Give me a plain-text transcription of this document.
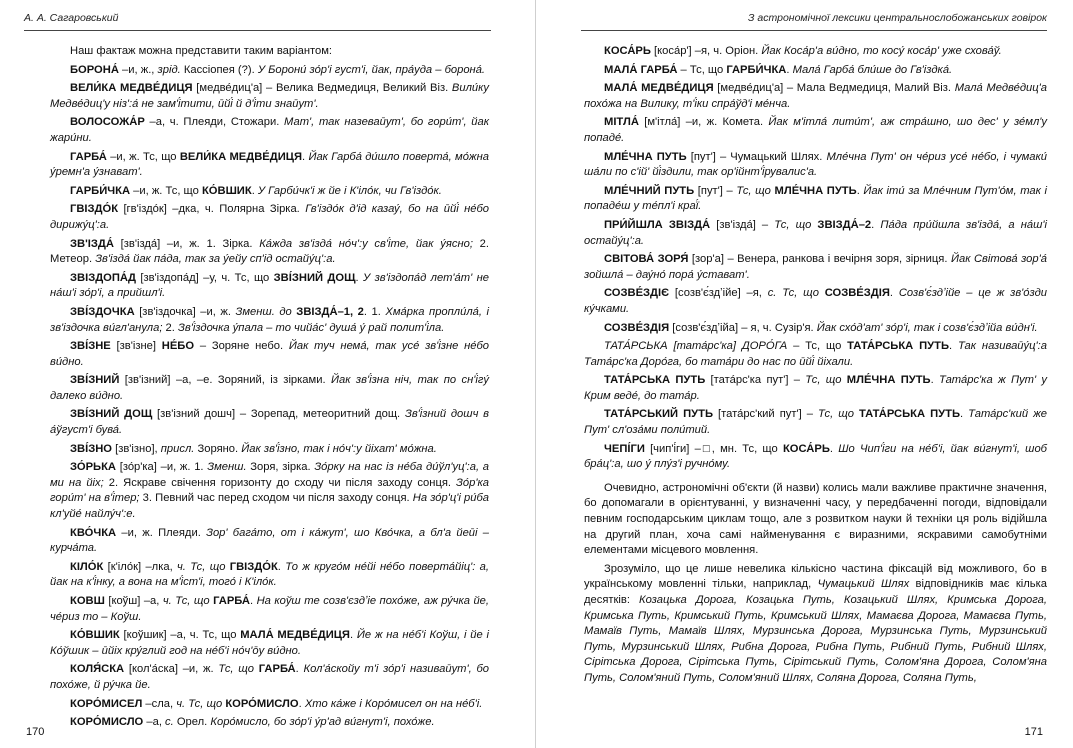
А. А. Сагаровський

Наш фактаж можна представити таким варіантом:

БОРОНА́ –и, ж., зрід. Кассіопея (?). У Борони́ зо́р'і густ'і, йак, пра́уда – борона́.

ВЕЛИ́КА МЕДВЕ́ДИЦЯ [медве́диц'а] – Велика Ведмедиця, Великий Віз. Вили́ку Медве́диц'у ніз':а́ не зам'і́тити, ӣйі́ й д'і́ти знаӣут'.

ВОЛОСОЖА́Р –а, ч. Плеяди, Стожари. Мат', так назеваӣут', бо гори́т', йак жари́ни.

ГАРБА́ –и, ж. Тс, що ВЕЛИ́КА МЕДВЕ́ДИЦЯ. Йак Гарба́ ди́шло поверта́, мо́жна у́ремн'а у́знават'.

ГАРБИ́ЧКА –и, ж. Тс, що КО́ВШИК. У Гарби́чк'і ж йе і К'іло́к, чи Гв'іздо́к.

ГВІЗДО́К [гв'іздо́к] –дка, ч. Полярна Зірка. Гв'іздо́к д'ід казау́, бо на ӣйі́ не́бо дирижу́ц':а.

ЗВ'ІЗДА́ [зв'ізда́] –и, ж. 1. Зірка. Ка́жда зв'ізда́ но́ч':у св'і́те, йак у́ясно; 2. Метеор. Зв'ізда́ йак па́да, так за у́ейу сп'ід остайу́ц':а.

ЗВІЗДОПА́Д [зв'іздопа́д] –у, ч. Тс, що ЗВІ́ЗНИЙ ДОЩ. У зв'іздопа́д лет'а́т' не на́ш'і зо́р'і, а прийшл'і.

ЗВІ́ЗДОЧКА [зв'іздочка] –и, ж. Зменш. до ЗВІЗДА́–1, 2. 1. Хма́рка пропли́ла́, і зв'іздочка ви́гл'анула; 2. Зв'і́здочка у́пала – то чийа́с' душа́ у́ рай полит'і́ла.

ЗВІ́ЗНЕ [зв'ізне] НЕ́БО – Зоряне небо. Йак туч нема́, так усе́ зв'і́зне не́бо ви́дно.

ЗВІ́ЗНИЙ [зв'ізний] –а, –е. Зоряний, із зірками. Йак зв'і́зна ніч, так по сн'і́гу́ далеко ви́дно.

ЗВІ́ЗНИЙ ДОЩ [зв'ізний дошч] – Зорепад, метеоритний дощ. Зв'і́зний дошч в а́ўгуст'і бува́.

ЗВІ́ЗНО [зв'ізно], присл. Зоряно. Йак зв'і́зно, так і но́ч':у йіхат' мо́жна.

ЗО́РЬКА [зо́р'ка] –и, ж. 1. Зменш. Зоря, зірка. Зо́рку на нас із не́ба ди́ўл'уц':а, а ми на йіх; 2. Яскраве свічення горизонту до сходу чи після заходу сонця. Зо́р'ка гори́т' на в'і́тер; 3. Певний час перед сходом чи після заходу сонця. На зо́р'ц'і ри́ба кл'уйе́ найлу́ч':е.

КВО́ЧКА –и, ж. Плеяди. Зор' бага́то, от і ка́жут', шо Кво́чка, а бл'а йеӣі – курча́та.

КІЛО́К [к'іло́к] –лка, ч. Тс, що ГВІЗДО́К. То ж круго́м не́йі не́бо поверта́йіц': а, йак на к'і́нку, а вона на м'і́ст'і, того́ і К'іло́к.

КОВШ [коўш] –а, ч. Тс, що ГАРБА́. На коўш те созв'єздʼіе похо́же, аж ру́чка йе, че́риз то – Коўш.

КО́ВШИК [коўшик] –а, ч. Тс, що МАЛА́ МЕДВЕ́ДИЦЯ. Йе ж на не́б'і Коўш, і йе і Ко́ўшик – ӣйіх кру́глий год на не́б'і но́ч'ōу ви́дно.

КОЛЯ́СКА [кол'а́ска] –и, ж. Тс, що ГАРБА́. Кол'а́скойу т'і зо́р'і називаӣут', бо похо́же, й ру́чка йе.

КОРО́МИСЕЛ –сла, ч. Тс, що КОРО́МИСЛО. Хто ка́же і Коро́мисел он на не́б'і.

КОРО́МИСЛО –а, с. Орел. Коро́мисло, бо зо́р'і у́р'ад ви́гнут'і, похо́же.

170
З астрономічної лексики центральнослобожанських говірок

КОСА́РЬ [коса́р'] –я, ч. Оріон. Йак Коса́р'а ви́дно, то косу́ коса́р' уже схова́ў.

МАЛА́ ГАРБА́ – Тс, що ГАРБИ́ЧКА. Мала́ Гарба́ бли́ше до Гв'іздка́.

МАЛА́ МЕДВЕ́ДИЦЯ [медве́диц'а] – Мала Ведмедиця, Малий Віз. Мала́ Медве́диц'а похо́жа на Вилику, т'і́ки спра́ўд'і ме́нча.

МІТЛА́ [м'ітла́] –и, ж. Комета. Йак м'ітла́ лити́т', аж стра́шно, шо дес' у зе́мл'у попаде́.

МЛЕ́ЧНА ПУТЬ [пут'] – Чумацький Шлях. Мле́чна Пут' он че́риз усе́ не́бо, і чумаки́ ша́ли по с'ій' йі́здили, так ор'ійнт'і́рувалис'а.

МЛЕ́ЧНИЙ ПУТЬ [пут'] – Тс, що МЛЕ́ЧНА ПУТЬ. Йак іти́ за Мле́чним Пут'о́м, так і попаде́ш у те́пл'і краї́.

ПРИ́ЙШЛА ЗВІЗДА́ [зв'ізда́] – Тс, що ЗВІЗДА́–2. Па́да при́йшла зв'ізда́, а на́ш'і остайу́ц':а.

СВІТОВА́ ЗОРЯ́ [зор'а] – Венера, ранкова і вечірня зоря, зірниця. Йак Світова́ зор'а́ зойшла́ – дау́но́ пора́ у́стават'.

СОЗВЕ́ЗДІЄ [созв'є́здʼійе] –я, с. Тс, що СОЗВЕ́ЗДІЯ. Созв'є́здʼійе – це ж зв'о́зди ку́чками.

СОЗВЕ́ЗДІЯ [созв'є́здʼійа] – я, ч. Сузір'я. Йак схо́д'ат' зо́р'і, так і созв'є́здʼійа ви́дн'і.

ТАТА́РСЬКА [тата́рс'ка] ДОРО́ГА – Тс, що ТАТА́РСЬКА ПУТЬ. Так називаӣу́ц':а Тата́рс'ка Доро́га, бо тата́ри до нас по ӣйі́ йіхали.

ТАТА́РСЬКА ПУТЬ [тата́рс'ка пут'] – Тс, що МЛЕ́ЧНА ПУТЬ. Тата́рс'ка ж Пут' у Крим веде́, до тата́р.

ТАТА́РСЬКИЙ ПУТЬ [тата́рс'кий пут'] – Тс, що ТАТА́РСЬКА ПУТЬ. Тата́рс'кий же Пут' сл'оза́ми поли́тий.

ЧЕПІ́ГИ [чип'і́ги] –□, мн. Тс, що КОСА́РЬ. Шо Чип'і́ги на не́б'і, йак ви́гнут'і, шоб бра́ц':а, шо у́ плу́з'і ручно́му.

Очевидно, астрономічні об'єкти (й назви) колись мали важливе практичне значення, бо допомагали в орієнтуванні, у визначенні часу, у передбаченні погоди, відповідали певним господарським циклам тощо, але з розвитком науки й техніки ця роль відійшла на другий план, хоча самі найменування є виразними, яскравими самобутніми елементами місцевого мовлення.

Зрозуміло, що це лише невелика кількісно частина фіксацій від можливого, бо в українському мовленні тільки, наприклад, Чумацький Шлях відповідників має кілька десятків: Козацька Дорога, Козацька Путь, Козацький Шлях, Кримська Дорога, Кримська Путь, Кримський Путь, Кримський Шлях, Мамаєва Дорога, Мамаєва Путь, Мамаїв Путь, Мамаїв Шлях, Мурзинська Дорога, Мурзинська Путь, Мурзинський Путь, Мурзинський Шлях, Рибна Дорога, Рибна Путь, Рибний Путь, Рибний Шлях, Сірітська Дорога, Сірітська Путь, Сірітський Путь, Солом'яна Дорога, Солом'яна Путь, Солом'яний Путь, Солом'яний Шлях, Соляна Дорога, Соляна Путь,

171
